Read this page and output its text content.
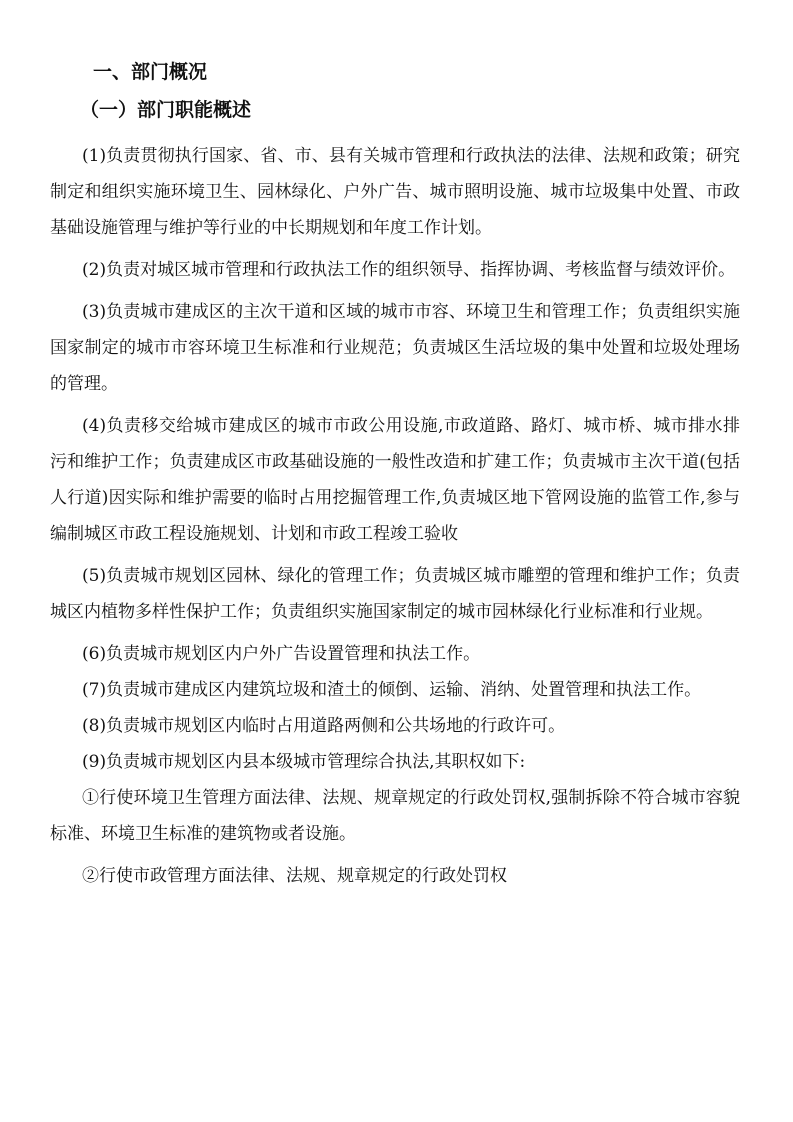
一、部门概况
（一）部门职能概述

(1)负责贯彻执行国家、省、市、县有关城市管理和行政执法的法律、法规和政策；研究制定和组织实施环境卫生、园林绿化、户外广告、城市照明设施、城市垃圾集中处置、市政基础设施管理与维护等行业的中长期规划和年度工作计划。

(2)负责对城区城市管理和行政执法工作的组织领导、指挥协调、考核监督与绩效评价。

(3)负责城市建成区的主次干道和区域的城市市容、环境卫生和管理工作；负责组织实施国家制定的城市市容环境卫生标准和行业规范；负责城区生活垃圾的集中处置和垃圾处理场的管理。

(4)负责移交给城市建成区的城市市政公用设施,市政道路、路灯、城市桥、城市排水排污和维护工作；负责建成区市政基础设施的一般性改造和扩建工作；负责城市主次干道(包括人行道)因实际和维护需要的临时占用挖掘管理工作,负责城区地下管网设施的监管工作,参与编制城区市政工程设施规划、计划和市政工程竣工验收

(5)负责城市规划区园林、绿化的管理工作；负责城区城市雕塑的管理和维护工作；负责城区内植物多样性保护工作；负责组织实施国家制定的城市园林绿化行业标准和行业规。

(6)负责城市规划区内户外广告设置管理和执法工作。

(7)负责城市建成区内建筑垃圾和渣土的倾倒、运输、消纳、处置管理和执法工作。

(8)负责城市规划区内临时占用道路两侧和公共场地的行政许可。

(9)负责城市规划区内县本级城市管理综合执法,其职权如下:

①行使环境卫生管理方面法律、法规、规章规定的行政处罚权,强制拆除不符合城市容貌标准、环境卫生标准的建筑物或者设施。

②行使市政管理方面法律、法规、规章规定的行政处罚权
